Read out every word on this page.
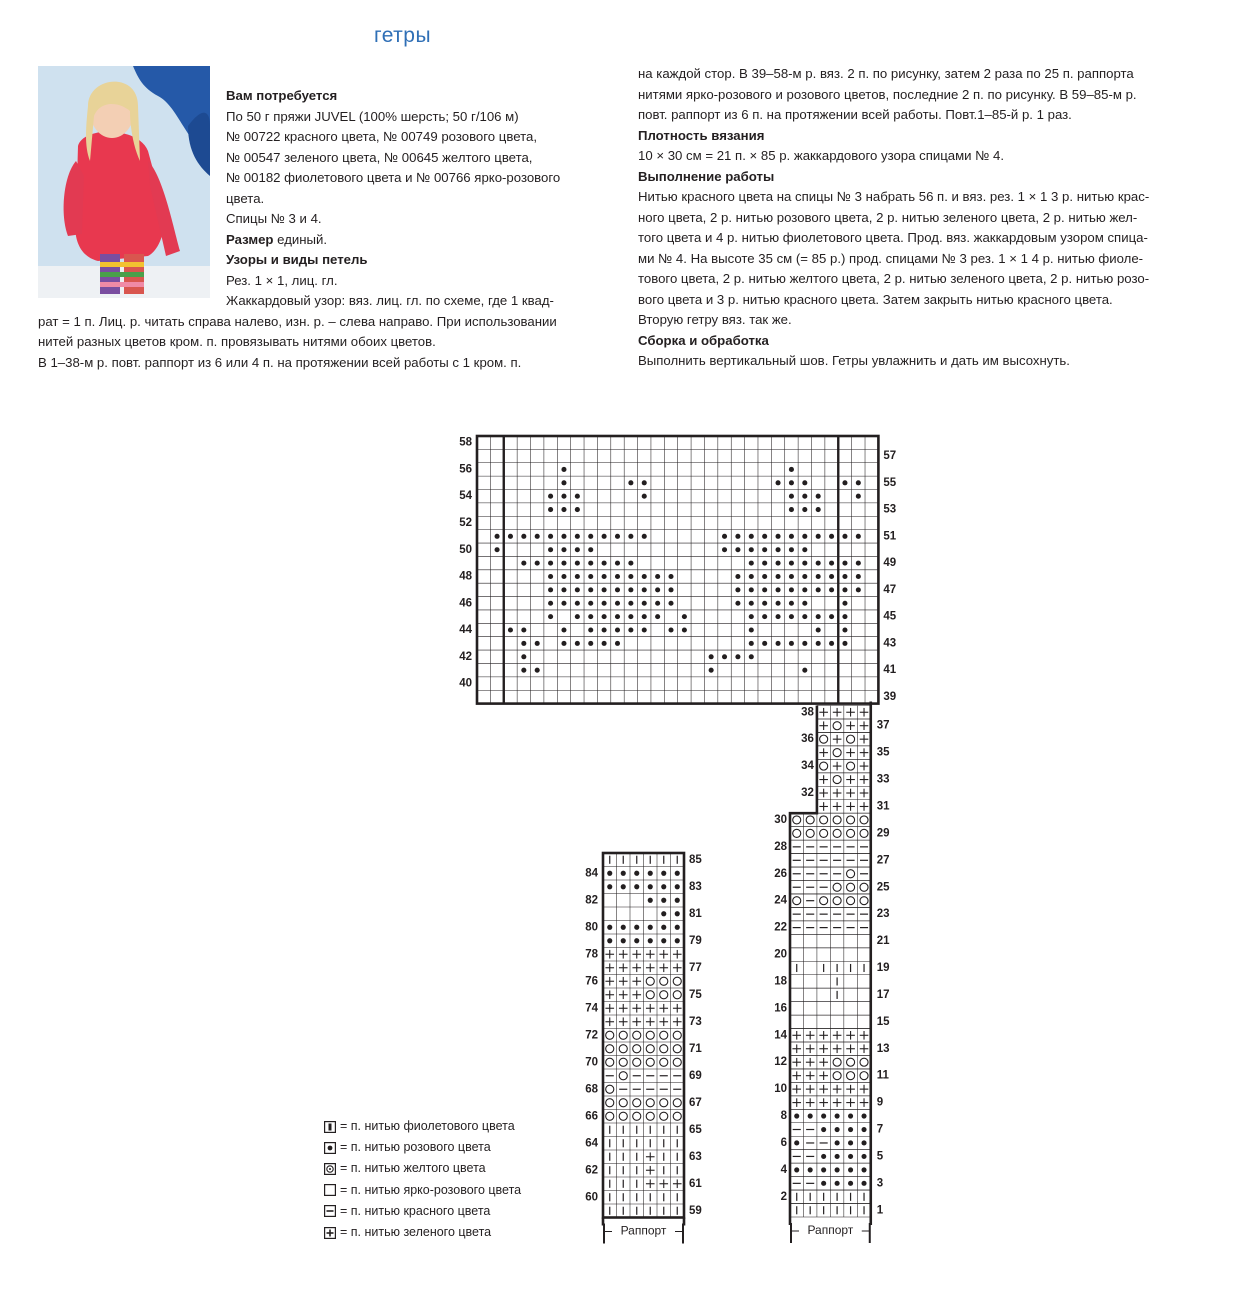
гетры

Вам потребуется

По 50 г пряжи JUVEL (100% шерсть; 50 г/106 м)

№ 00722 красного цвета, № 00749 розового цвета,

№ 00547 зеленого цвета, № 00645 желтого цвета,

№ 00182 фиолетового цвета и № 00766 ярко-розового

цвета.

Спицы № 3 и 4.

Размер единый.

Узоры и виды петель

Рез. 1 × 1, лиц. гл.

Жаккардовый узор: вяз. лиц. гл. по схеме, где 1 квад-

рат = 1 п. Лиц. р. читать справа налево, изн. р. – слева направо. При использовании

нитей разных цветов кром. п. провязывать нитями обоих цветов.

В 1–38-м р. повт. раппорт из 6 или 4 п. на протяжении всей работы с 1 кром. п.

на каждой стор. В 39–58-м р. вяз. 2 п. по рисунку, затем 2 раза по 25 п. раппорта

нитями ярко-розового и розового цветов, последние 2 п. по рисунку. В 59–85-м р.

повт. раппорт из 6 п. на протяжении всей работы. Повт.1–85-й р. 1 раз.

Плотность вязания

10 × 30 см = 21 п. × 85 р. жаккардового узора спицами № 4.

Выполнение работы

Нитью красного цвета на спицы № 3 набрать 56 п. и вяз. рез. 1 × 1 3 р. нитью крас-

ного цвета, 2 р. нитью розового цвета, 2 р. нитью зеленого цвета, 2 р. нитью жел-

того цвета и 4 р. нитью фиолетового цвета. Прод. вяз. жаккардовым узором спица-

ми № 4. На высоте 35 см (= 85 р.) прод. спицами № 3 рез. 1 × 1 4 р. нитью фиоле-

тового цвета, 2 р. нитью желтого цвета, 2 р. нитью зеленого цвета, 2 р. нитью розо-

вого цвета и 3 р. нитью красного цвета. Затем закрыть нитью красного цвета.

Вторую гетру вяз. так же.

Сборка и обработка

Выполнить вертикальный шов. Гетры увлажнить и дать им высохнуть.

1
2
3
4
5
6
7
8
9
10
11
12
13
14
15
16
17
18
19
20
21
22
23
24
25
26
27
28
29
30
31
32
33
34
35
36
37
38
Раппорт
39
40
41
42
43
44
45
46
47
48
49
50
51
52
53
54
55
56
57
58
59
60
61
62
63
64
65
66
67
68
69
70
71
72
73
74
75
76
77
78
79
80
81
82
83
84
85
Раппорт
= п. нитью фиолетового цвета
= п. нитью розового цвета
= п. нитью желтого цвета
= п. нитью ярко-розового цвета
= п. нитью красного цвета
= п. нитью зеленого цвета
